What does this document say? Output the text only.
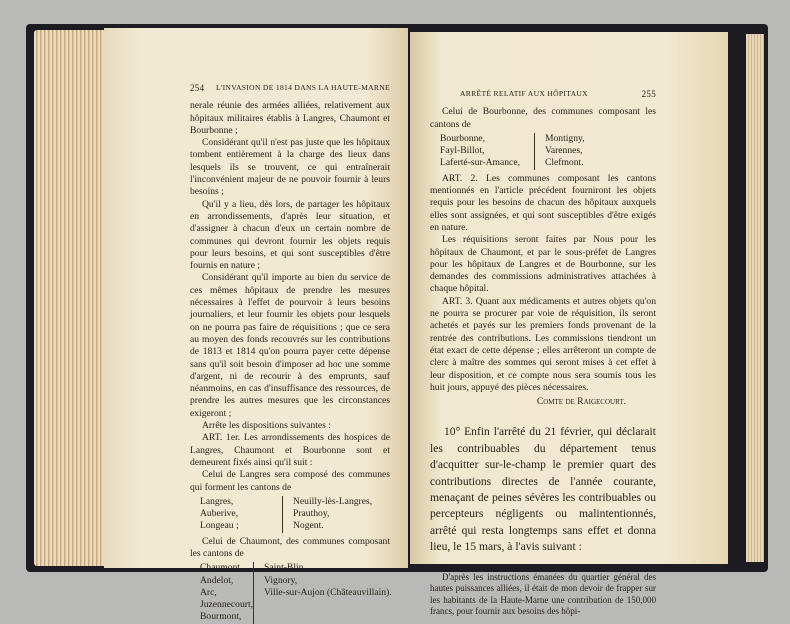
254 L'INVASION DE 1814 DANS LA HAUTE-MARNE

nerale réunie des armées alliées, relativement aux hôpitaux militaires établis à Langres, Chaumont et Bourbonne ;

Considérant qu'il n'est pas juste que les hôpitaux tombent entièrement à la charge des lieux dans lesquels ils se trouvent, ce qui entraînerait l'inconvénient majeur de ne pouvoir fournir à leurs besoins ;

Qu'il y a lieu, dès lors, de partager les hôpitaux en arrondissements, d'après leur situation, et d'assigner à chacun d'eux un certain nombre de communes qui devront fournir les objets requis pour leurs besoins, et qui sont susceptibles d'être fournis en nature ;

Considérant qu'il importe au bien du service de ces mêmes hôpitaux de prendre les mesures nécessaires à l'effet de pourvoir à leurs besoins journaliers, et leur fournir les objets pour lesquels on ne pourra pas faire de réquisitions ; que ce sera au moyen des fonds recouvrés sur les contributions de 1813 et 1814 qu'on pourra payer cette dépense sans qu'il soit besoin d'imposer ad hoc une somme d'argent, ni de recourir à des emprunts, sauf néanmoins, en cas d'insuffisance des ressources, de prendre les autres mesures que les circonstances exigeront ;

Arrête les dispositions suivantes :

ART. 1er. Les arrondissements des hospices de Langres, Chaumont et Bourbonne sont et demeurent fixés ainsi qu'il suit :

Celui de Langres sera composé des communes qui forment les cantons de

Langres,
Auberive,
Longeau ;
Neuilly-lès-Langres,
Prauthoy,
Nogent.

Celui de Chaumont, des communes composant les cantons de

Chaumont,
Andelot,
Arc,
Juzennecourt,
Bourmont,
Saint-Blin,
Vignory,
Ville-sur-Aujon (Châteauvillain).
ARRÊTÉ RELATIF AUX HÔPITAUX	255

Celui de Bourbonne, des communes composant les cantons de

Bourbonne,
Fayl-Billot,
Laferté-sur-Amance,
Montigny,
Varennes,
Clefmont.

ART. 2. Les communes composant les cantons mentionnés en l'article précédent fourniront les objets requis pour les besoins de chacun des hôpitaux auxquels elles sont assignées, et qui sont susceptibles d'être exigés en nature.

Les réquisitions seront faites par Nous pour les hôpitaux de Chaumont, et par le sous-préfet de Langres pour les hôpitaux de Langres et de Bourbonne, sur les demandes des commissions administratives attachées à chaque hôpital.

ART. 3. Quant aux médicaments et autres objets qu'on ne pourra se procurer par voie de réquisition, ils seront achetés et payés sur les premiers fonds provenant de la rentrée des contributions. Les commissions tiendront un état exact de cette dépense ; elles arrêteront un compte de clerc à maître des sommes qui seront mises à cet effet à leur disposition, et ce compte nous sera soumis tous les huit jours, appuyé des pièces nécessaires.

Comte de Raigecourt.

10° Enfin l'arrêté du 21 février, qui déclarait les contribuables du département tenus d'acquitter sur-le-champ le premier quart des contributions directes de l'année courante, menaçant de peines sévères les contribuables ou percepteurs négligents ou malintentionnés, arrêté qui resta longtemps sans effet et donna lieu, le 15 mars, à l'avis suivant :

D'après les instructions émanées du quartier général des hautes puissances alliées, il était de mon devoir de frapper sur les habitants de la Haute-Marne une contribution de 150,000 francs, pour fournir aux besoins des hôpi-
